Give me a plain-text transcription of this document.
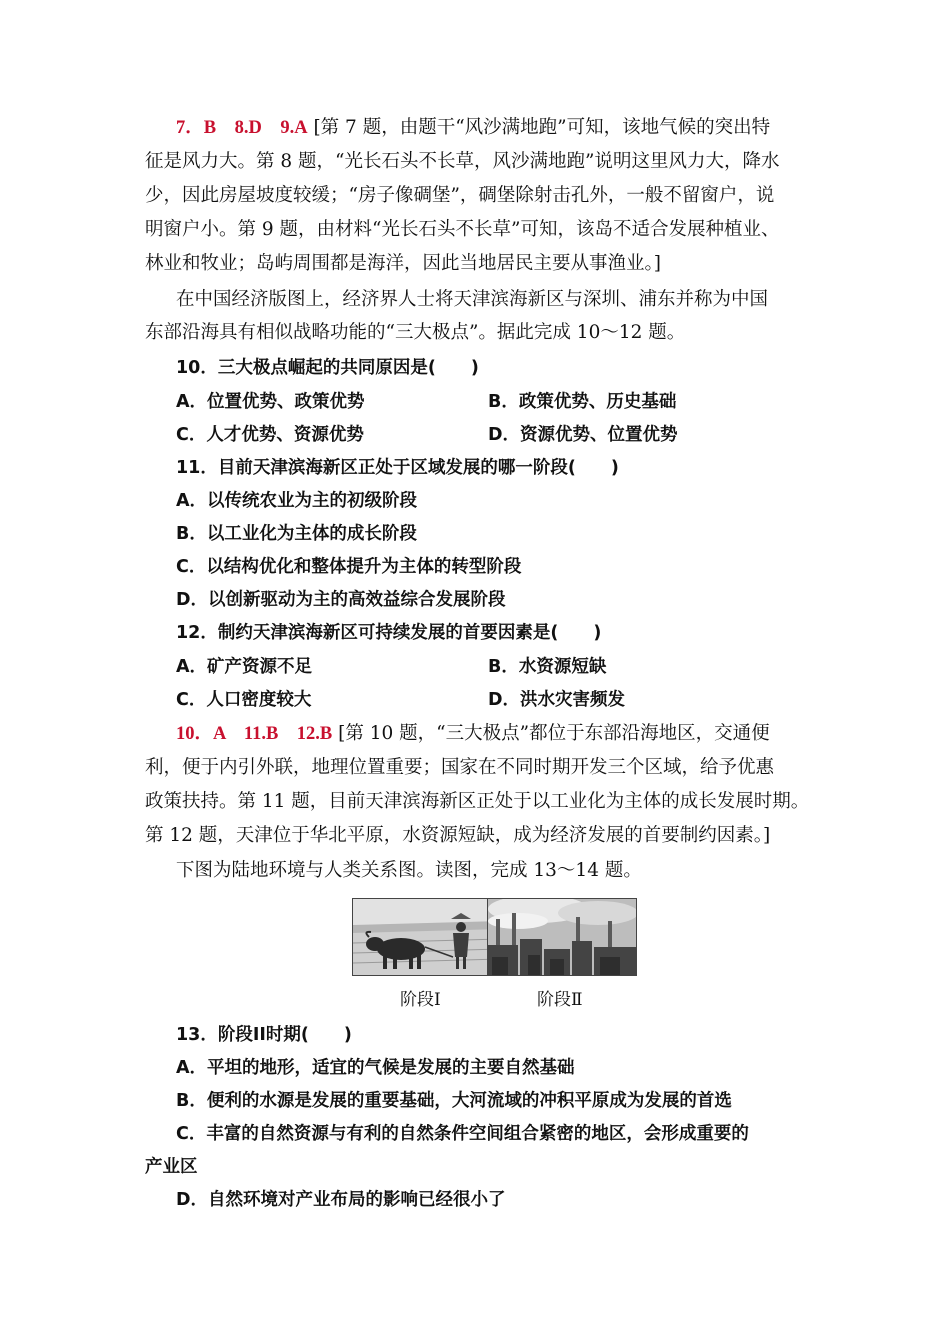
7．B　8.D　9.A [第 7 题，由题干“风沙满地跑”可知，该地气候的突出特
征是风力大。第 8 题，“光长石头不长草，风沙满地跑”说明这里风力大，降水
少，因此房屋坡度较缓；“房子像碉堡”，碉堡除射击孔外，一般不留窗户，说
明窗户小。第 9 题，由材料“光长石头不长草”可知，该岛不适合发展种植业、
林业和牧业；岛屿周围都是海洋，因此当地居民主要从事渔业。]
在中国经济版图上，经济界人士将天津滨海新区与深圳、浦东并称为中国
东部沿海具有相似战略功能的“三大极点”。据此完成 10～12 题。
10．三大极点崛起的共同原因是(　　)
A．位置优势、政策优势	B．政策优势、历史基础
C．人才优势、资源优势	D．资源优势、位置优势
11．目前天津滨海新区正处于区域发展的哪一阶段(　　)
A．以传统农业为主的初级阶段
B．以工业化为主体的成长阶段
C．以结构优化和整体提升为主体的转型阶段
D．以创新驱动为主的高效益综合发展阶段
12．制约天津滨海新区可持续发展的首要因素是(　　)
A．矿产资源不足	B．水资源短缺
C．人口密度较大	D．洪水灾害频发
10．A　11.B　12.B [第 10 题，“三大极点”都位于东部沿海地区，交通便
利，便于内引外联，地理位置重要；国家在不同时期开发三个区域，给予优惠
政策扶持。第 11 题，目前天津滨海新区正处于以工业化为主体的成长发展时期。
第 12 题，天津位于华北平原，水资源短缺，成为经济发展的首要制约因素。]
下图为陆地环境与人类关系图。读图，完成 13～14 题。
阶段Ⅰ	阶段Ⅱ
13．阶段II时期(　　)
A．平坦的地形，适宜的气候是发展的主要自然基础
B．便利的水源是发展的重要基础，大河流域的冲积平原成为发展的首选
C．丰富的自然资源与有利的自然条件空间组合紧密的地区，会形成重要的
产业区
D．自然环境对产业布局的影响已经很小了
